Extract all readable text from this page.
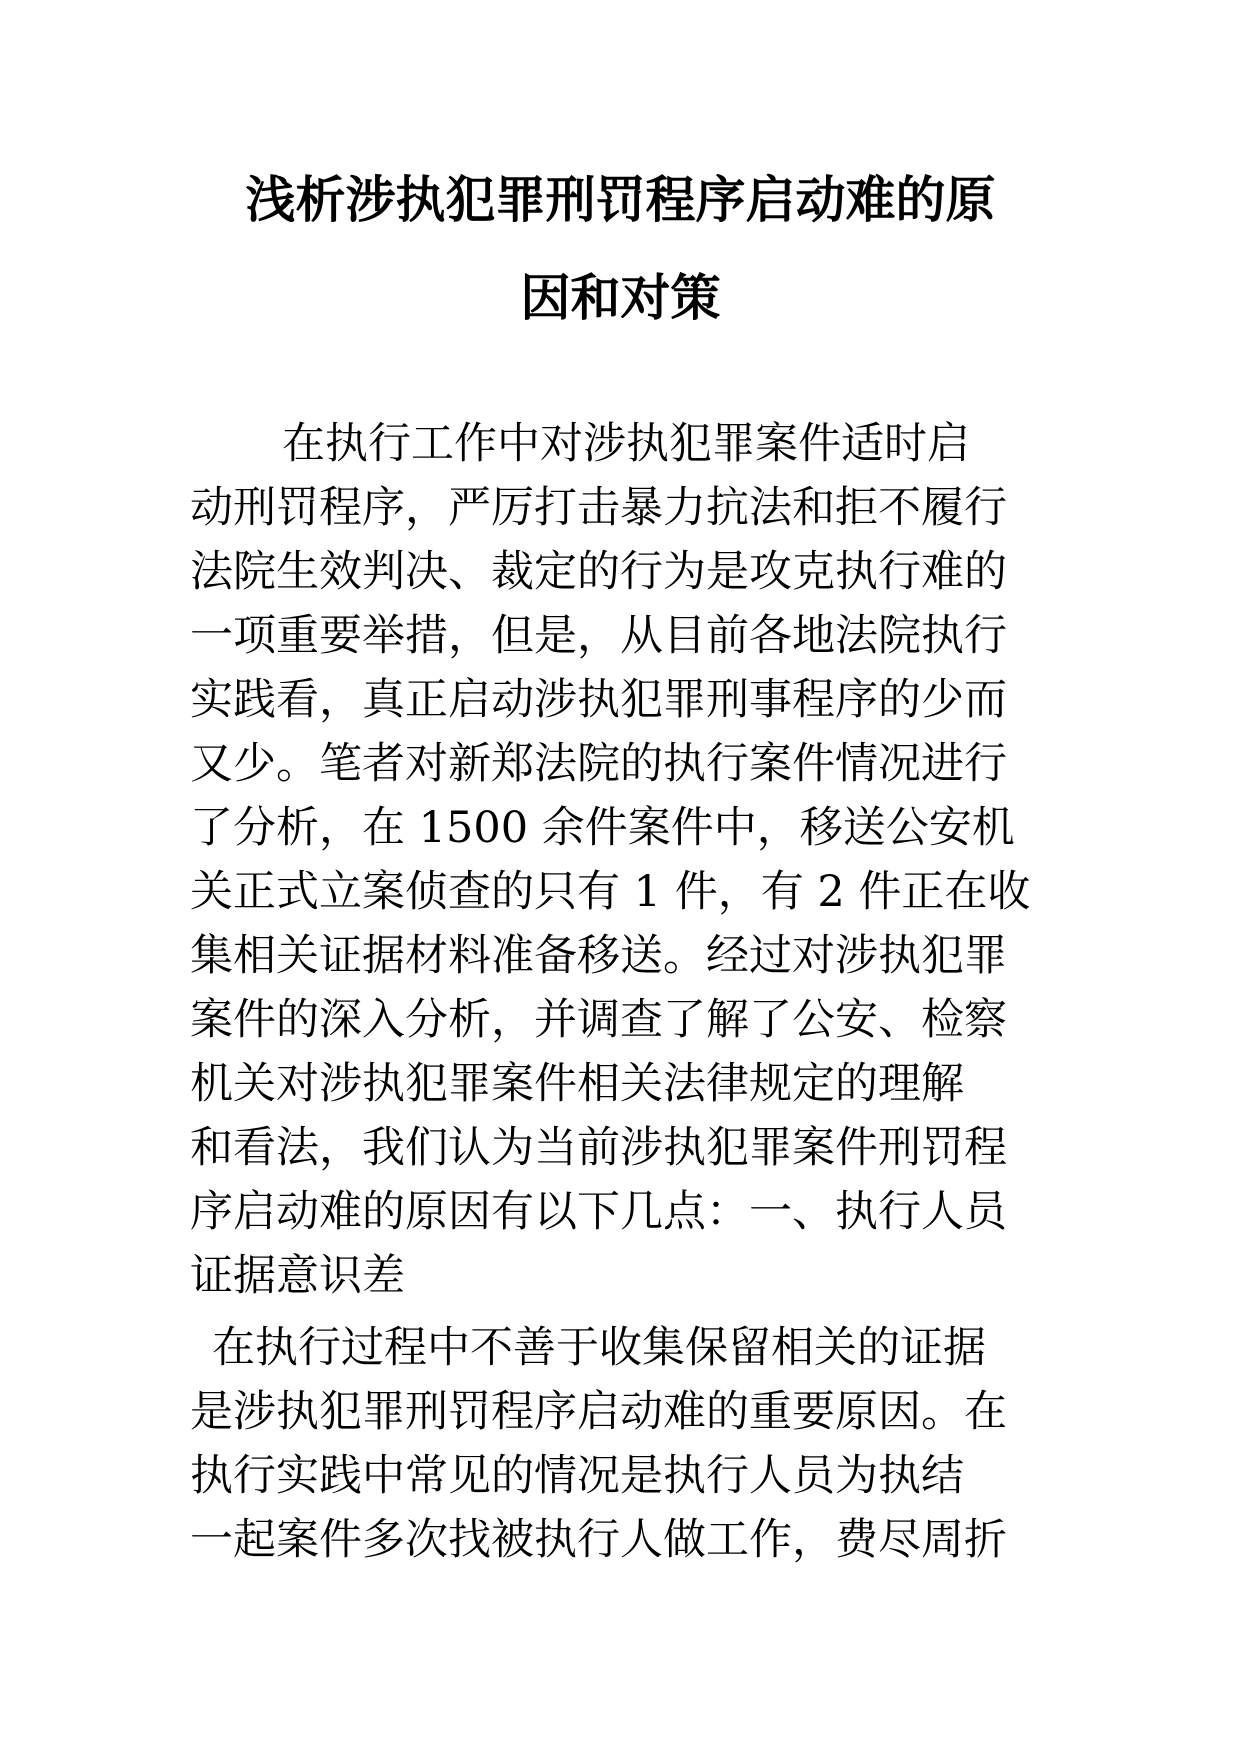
浅析涉执犯罪刑罚程序启动难的原
因和对策
在执行工作中对涉执犯罪案件适时启
动刑罚程序，严厉打击暴力抗法和拒不履行
法院生效判决、裁定的行为是攻克执行难的
一项重要举措，但是，从目前各地法院执行
实践看，真正启动涉执犯罪刑事程序的少而
又少。笔者对新郑法院的执行案件情况进行
了分析，在 1500 余件案件中，移送公安机
关正式立案侦查的只有 1 件，有 2 件正在收
集相关证据材料准备移送。经过对涉执犯罪
案件的深入分析，并调查了解了公安、检察
机关对涉执犯罪案件相关法律规定的理解
和看法，我们认为当前涉执犯罪案件刑罚程
序启动难的原因有以下几点：一、执行人员
证据意识差
在执行过程中不善于收集保留相关的证据
是涉执犯罪刑罚程序启动难的重要原因。在
执行实践中常见的情况是执行人员为执结
一起案件多次找被执行人做工作，费尽周折
